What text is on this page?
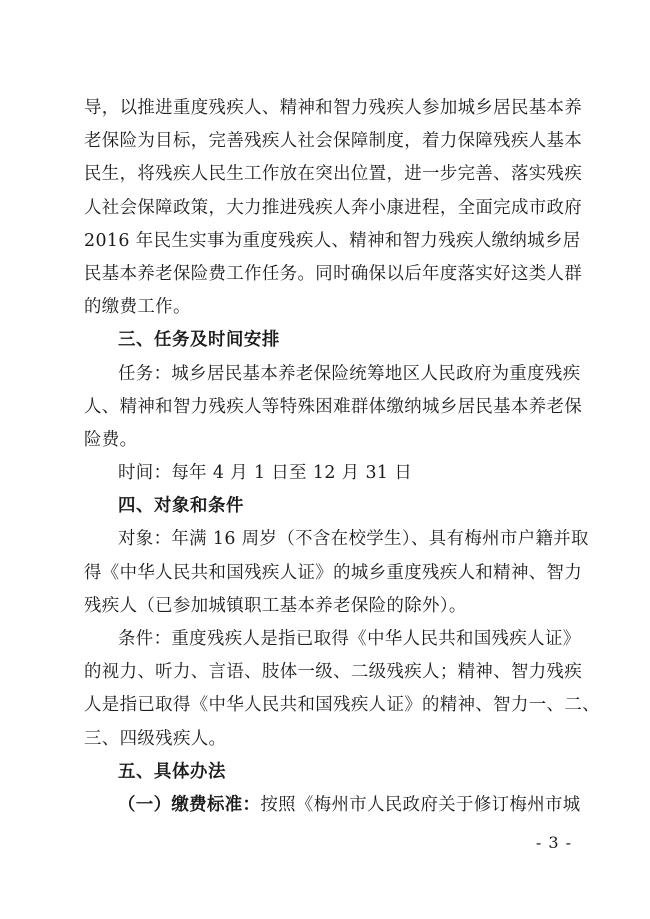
导，以推进重度残疾人、精神和智力残疾人参加城乡居民基本养
老保险为目标，完善残疾人社会保障制度，着力保障残疾人基本
民生，将残疾人民生工作放在突出位置，进一步完善、落实残疾
人社会保障政策，大力推进残疾人奔小康进程，全面完成市政府
2016 年民生实事为重度残疾人、精神和智力残疾人缴纳城乡居
民基本养老保险费工作任务。同时确保以后年度落实好这类人群
的缴费工作。
三、任务及时间安排
任务：城乡居民基本养老保险统筹地区人民政府为重度残疾
人、精神和智力残疾人等特殊困难群体缴纳城乡居民基本养老保
险费。
时间：每年 4 月 1 日至 12 月 31 日
四、对象和条件
对象：年满 16 周岁（不含在校学生）、具有梅州市户籍并取
得《中华人民共和国残疾人证》的城乡重度残疾人和精神、智力
残疾人（已参加城镇职工基本养老保险的除外）。
条件：重度残疾人是指已取得《中华人民共和国残疾人证》
的视力、听力、言语、肢体一级、二级残疾人；精神、智力残疾
人是指已取得《中华人民共和国残疾人证》的精神、智力一、二、
三、四级残疾人。
五、具体办法
（一）缴费标准：按照《梅州市人民政府关于修订梅州市城
- 3 -
